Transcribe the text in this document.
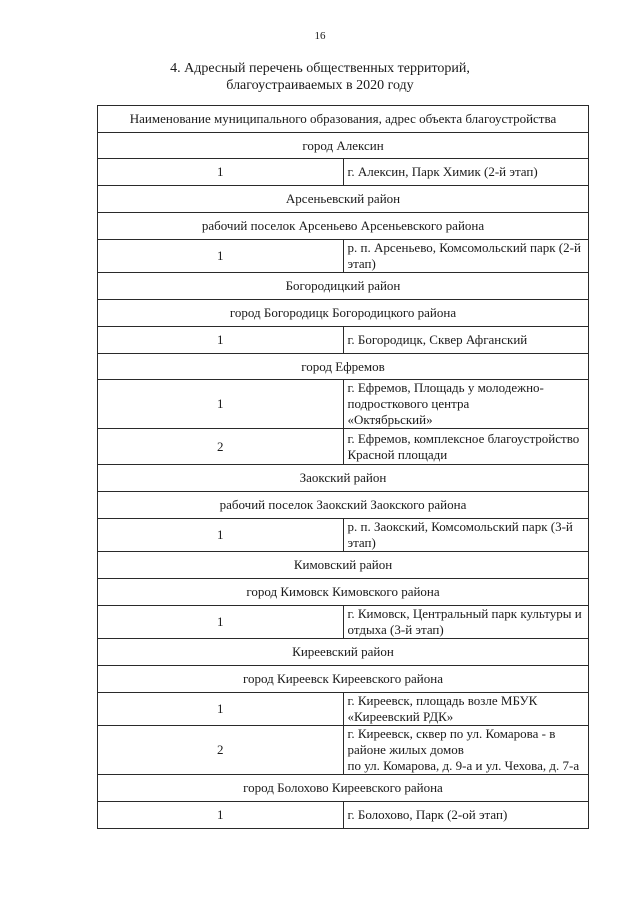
16
4. Адресный перечень общественных территорий,
благоустраиваемых в 2020 году
Наименование муниципального образования, адрес объекта благоустройства	
город Алексин	
1	г. Алексин, Парк Химик (2-й этап)
Арсеньевский район	
рабочий поселок Арсеньево Арсеньевского района	
1	р. п. Арсеньево, Комсомольский парк (2-й этап)
Богородицкий район	
город Богородицк Богородицкого района	
1	г. Богородицк, Сквер Афганский
город Ефремов	
1	г. Ефремов, Площадь у молодежно-подросткового центра
«Октябрьский»

2	г. Ефремов, комплексное благоустройство Красной площади
Заокский район	
рабочий поселок Заокский Заокского района	
1	р. п. Заокский, Комсомольский парк (3-й этап)
Кимовский район	
город Кимовск Кимовского района	
1	г. Кимовск, Центральный парк культуры и отдыха (3-й этап)
Киреевский район	
город Киреевск Киреевского района	
1	г. Киреевск, площадь возле МБУК «Киреевский РДК»
2	г. Киреевск, сквер по ул. Комарова - в районе жилых домов
по ул. Комарова, д. 9-а и ул. Чехова, д. 7-а

город Болохово Киреевского района	
1	г. Болохово, Парк (2-ой этап)
